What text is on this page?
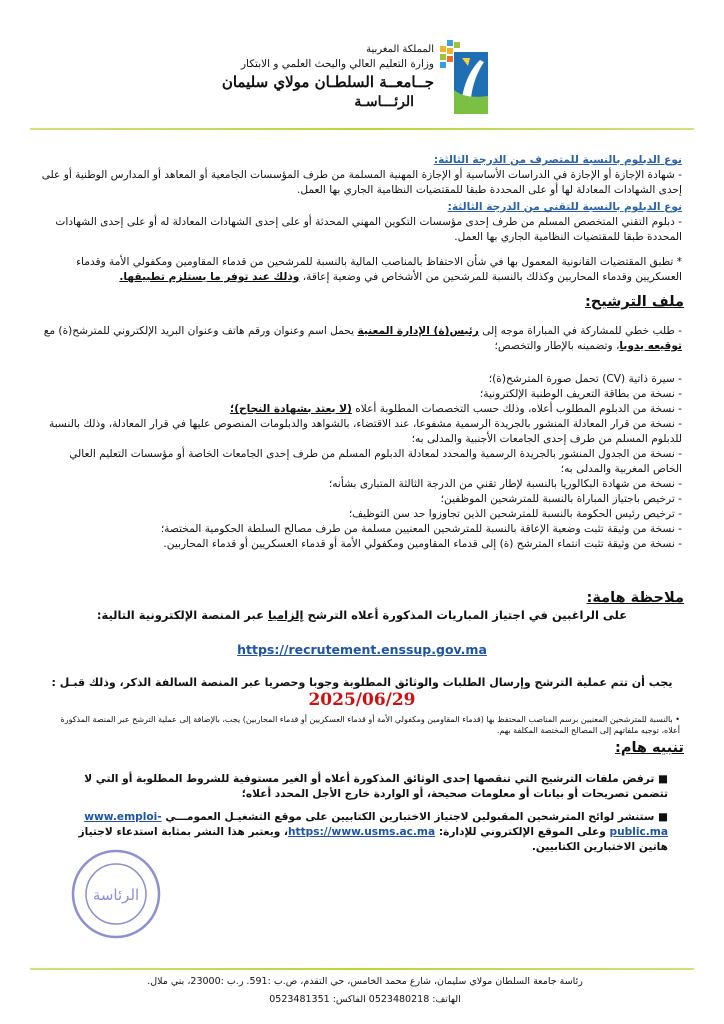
المملكة المغربية
وزارة التعليم العالي والبحث العلمي و الابتكار
جــامعــة السلطـان مولاي سليمان
الرئـــاسـة
نوع الدبلوم بالنسبة للمتصرف من الدرجة الثالثة:
- شهادة الإجازة أو الإجازة في الدراسات الأساسية أو الإجازة المهنية المسلمة من طرف المؤسسات الجامعية أو المعاهد أو المدارس الوطنية أو على إحدى الشهادات المعادلة لها أو على المحددة طبقا للمقتضيات النظامية الجاري بها العمل.
نوع الدبلوم بالنسبة للتقني من الدرجة الثالثة:
- دبلوم التقني المتخصص المسلم من طرف إحدى مؤسسات التكوين المهني المحدثة أو على إحدى الشهادات المعادلة له أو على إحدى الشهادات المحددة طبقا للمقتضيات النظامية الجاري بها العمل.
* تطبق المقتضيات القانونية المعمول بها في شأن الاحتفاظ بالمناصب المالية بالنسبة للمرشحين من قدماء المقاومين ومكفولي الأمة وقدماء العسكريين وقدماء المحاربين وكذلك بالنسبة للمرشحين من الأشخاص في وضعية إعاقة، وذلك عند توفر ما يستلزم تطبيقها.
ملف الترشيح:
- طلب خطي للمشاركة في المباراة موجه إلى رئيس(ة) الإدارة المعنية يحمل اسم وعنوان ورقم هاتف وعنوان البريد الإلكتروني للمترشح(ة) مع توقيعه يدويا، وتضمينه بالإطار والتخصص؛
- سيرة ذاتية (CV) تحمل صورة المترشح(ة)؛
- نسخة من بطاقة التعريف الوطنية الإلكترونية؛
- نسخة من الدبلوم المطلوب أعلاه، وذلك حسب التخصصات المطلوبة أعلاه (لا يعتد بشهادة النجاح)؛
- نسخة من قرار المعادلة المنشور بالجريدة الرسمية مشفوعا، عند الاقتضاء، بالشواهد والدبلومات المنصوص عليها في قرار المعادلة، وذلك بالنسبة للدبلوم المسلم من طرف إحدى الجامعات الأجنبية والمدلى به؛
- نسخة من الجدول المنشور بالجريدة الرسمية والمحدد لمعادلة الدبلوم المسلم من طرف إحدى الجامعات الخاصة أو مؤسسات التعليم العالي الخاص المغربية والمدلى به؛
- نسخة من شهادة البكالوريا بالنسبة لإطار تقني من الدرجة الثالثة المتبارى بشأنه؛
- ترخيص باجتياز المباراة بالنسبة للمترشحين الموظفين؛
- ترخيص رئيس الحكومة بالنسبة للمترشحين الذين تجاوزوا حد سن التوظيف؛
- نسخة من وثيقة تثبت وضعية الإعاقة بالنسبة للمترشحين المعنيين مسلمة من طرف مصالح السلطة الحكومية المختصة؛
- نسخة من وثيقة تثبت انتماء المترشح (ة) إلى قدماء المقاومين ومكفولي الأمة أو قدماء العسكريين أو قدماء المحاربين.
ملاحظة هامة:
على الراغبين في اجتياز المباريات المذكورة أعلاه الترشح إلزاميا عبر المنصة الإلكترونية التالية:
https://recrutement.enssup.gov.ma
يجب أن تتم عملية الترشح وإرسال الطلبات والوثائق المطلوبة وجوبا وحصريا عبر المنصة السالفة الذكر، وذلك قبـل :
2025/06/29
• بالنسبة للمترشحين المعنيين برسم المناصب المحتفظ بها (قدماء المقاومين ومكفولي الأمة أو قدماء العسكريين أو قدماء المحاربين) يجب، بالإضافة إلى عملية الترشح عبر المنصة المذكورة أعلاه، توجيه ملفاتهم إلى المصالح المختصة المكلفة بهم.
تنبيه هام:
■ ترفض ملفات الترشيح التي تنقصها إحدى الوثائق المذكورة أعلاه أو الغير مستوفية للشروط المطلوبة أو التي لا تتضمن تصريحات أو بيانات أو معلومات صحيحة، أو الواردة خارج الأجل المحدد أعلاه؛
■ ستنشر لوائح المترشحين المقبولين لاجتياز الاختبارين الكتابيين على موقع التشغيـل العمومـــي www.emploi-public.ma وعلى الموقع الإلكتروني للإدارة: https://www.usms.ac.ma، ويعتبر هذا النشر بمثابة استدعاء لاجتياز هاتين الاختبارين الكتابيين.
الرئاسة
رئاسة جامعة السلطان مولاي سليمان، شارع محمد الخامس، حي التقدم، ص.ب :591. ر.ب :23000، بني ملال.
الهاتف: 0523480218 الفاكس: 0523481351
